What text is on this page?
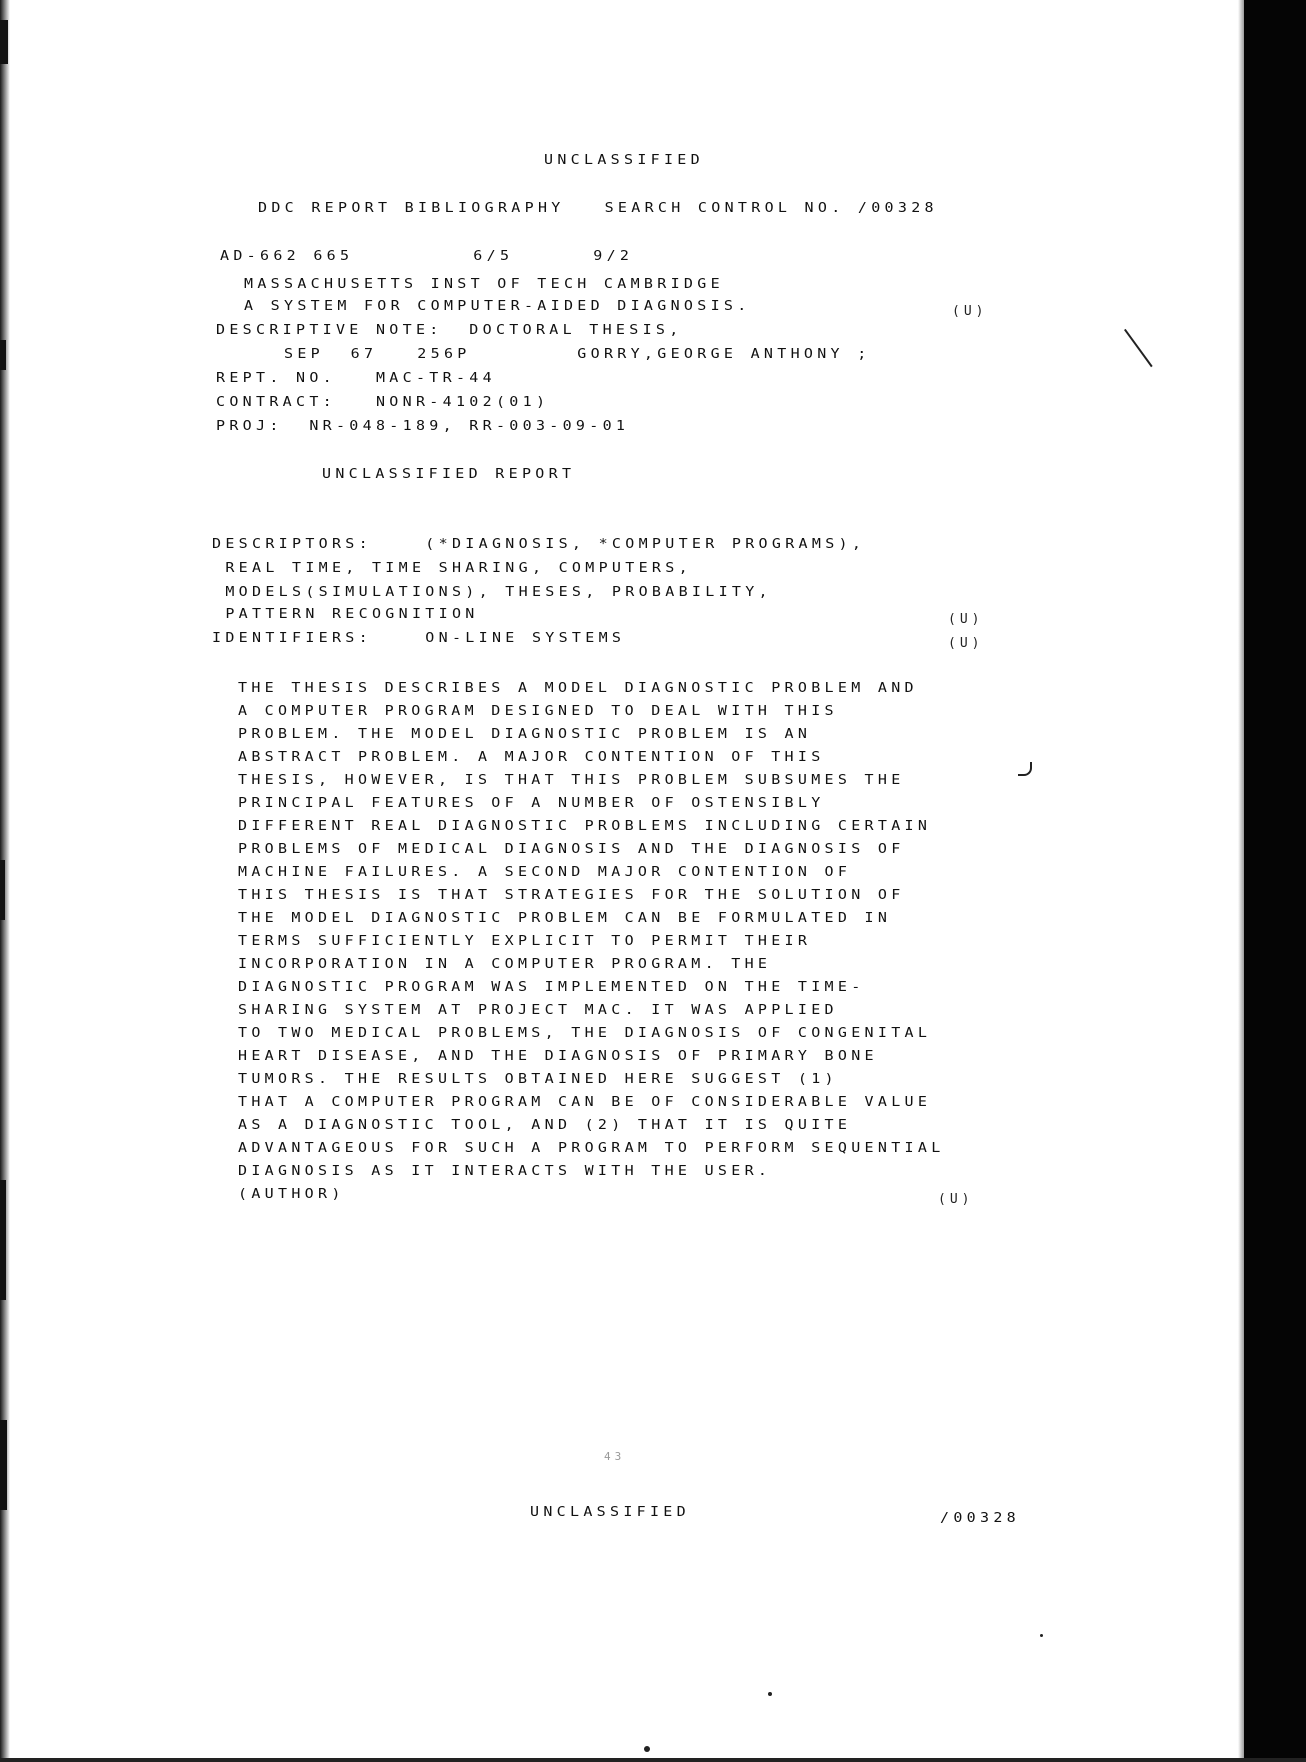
UNCLASSIFIED
DDC REPORT BIBLIOGRAPHY   SEARCH CONTROL NO. /00328
AD-662 665         6/5      9/2
MASSACHUSETTS INST OF TECH CAMBRIDGE
A SYSTEM FOR COMPUTER-AIDED DIAGNOSIS.	(U)
DESCRIPTIVE NOTE:  DOCTORAL THESIS,
SEP  67   256P        GORRY,GEORGE ANTHONY ;
REPT. NO.   MAC-TR-44
CONTRACT:   NONR-4102(01)
PROJ:  NR-048-189, RR-003-09-01
UNCLASSIFIED REPORT
DESCRIPTORS:    (*DIAGNOSIS, *COMPUTER PROGRAMS),
REAL TIME, TIME SHARING, COMPUTERS,
MODELS(SIMULATIONS), THESES, PROBABILITY,
PATTERN RECOGNITION	(U)
IDENTIFIERS:    ON-LINE SYSTEMS	(U)
THE THESIS DESCRIBES A MODEL DIAGNOSTIC PROBLEM AND
A COMPUTER PROGRAM DESIGNED TO DEAL WITH THIS
PROBLEM. THE MODEL DIAGNOSTIC PROBLEM IS AN
ABSTRACT PROBLEM. A MAJOR CONTENTION OF THIS
THESIS, HOWEVER, IS THAT THIS PROBLEM SUBSUMES THE
PRINCIPAL FEATURES OF A NUMBER OF OSTENSIBLY
DIFFERENT REAL DIAGNOSTIC PROBLEMS INCLUDING CERTAIN
PROBLEMS OF MEDICAL DIAGNOSIS AND THE DIAGNOSIS OF
MACHINE FAILURES. A SECOND MAJOR CONTENTION OF
THIS THESIS IS THAT STRATEGIES FOR THE SOLUTION OF
THE MODEL DIAGNOSTIC PROBLEM CAN BE FORMULATED IN
TERMS SUFFICIENTLY EXPLICIT TO PERMIT THEIR
INCORPORATION IN A COMPUTER PROGRAM. THE
DIAGNOSTIC PROGRAM WAS IMPLEMENTED ON THE TIME-
SHARING SYSTEM AT PROJECT MAC. IT WAS APPLIED
TO TWO MEDICAL PROBLEMS, THE DIAGNOSIS OF CONGENITAL
HEART DISEASE, AND THE DIAGNOSIS OF PRIMARY BONE
TUMORS. THE RESULTS OBTAINED HERE SUGGEST (1)
THAT A COMPUTER PROGRAM CAN BE OF CONSIDERABLE VALUE
AS A DIAGNOSTIC TOOL, AND (2) THAT IT IS QUITE
ADVANTAGEOUS FOR SUCH A PROGRAM TO PERFORM SEQUENTIAL
DIAGNOSIS AS IT INTERACTS WITH THE USER.
(AUTHOR)	(U)
43
UNCLASSIFIED	/00328
